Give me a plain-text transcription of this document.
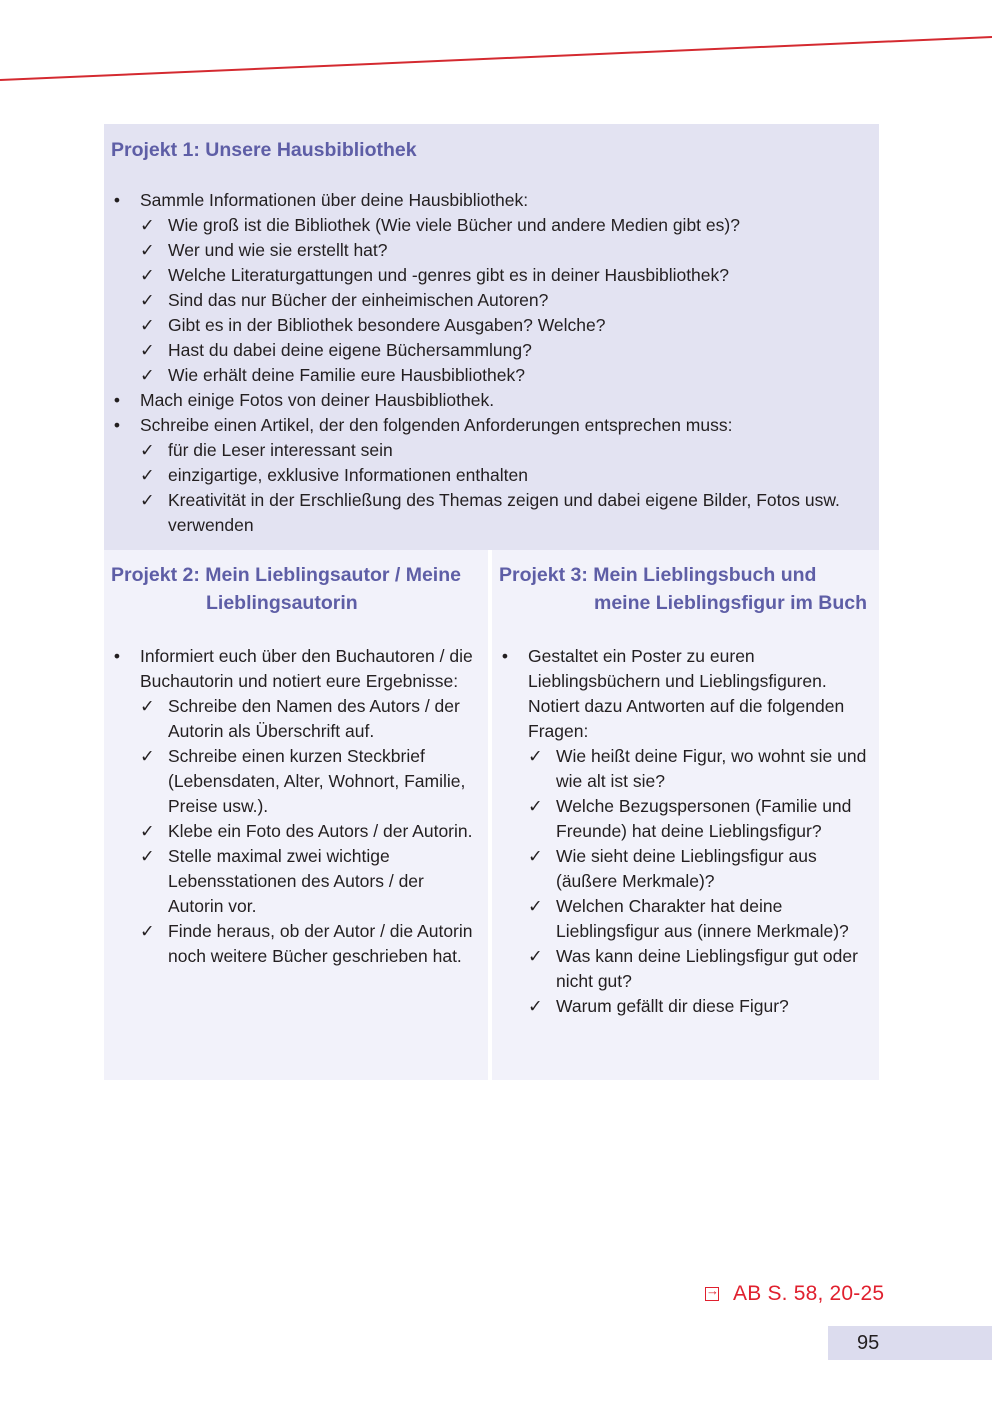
Projekt 1: Unsere Hausbibliothek
• Sammle Informationen über deine Hausbibliothek:
✓ Wie groß ist die Bibliothek (Wie viele Bücher und andere Medien gibt es)?
✓ Wer und wie sie erstellt hat?
✓ Welche Literaturgattungen und -genres gibt es in deiner Hausbibliothek?
✓ Sind das nur Bücher der einheimischen Autoren?
✓ Gibt es in der Bibliothek besondere Ausgaben? Welche?
✓ Hast du dabei deine eigene Büchersammlung?
✓ Wie erhält deine Familie eure Hausbibliothek?
• Mach einige Fotos von deiner Hausbibliothek.
• Schreibe einen Artikel, der den folgenden Anforderungen entsprechen muss:
✓ für die Leser interessant sein
✓ einzigartige, exklusive Informationen enthalten
✓ Kreativität in der Erschließung des Themas zeigen und dabei eigene Bilder, Fotos usw. verwenden
Projekt 2: Mein Lieblingsautor / Meine
Lieblingsautorin
• Informiert euch über den Buchautoren / die Buchautorin und notiert eure Ergebnisse:
✓ Schreibe den Namen des Autors / der Autorin als Überschrift auf.
✓ Schreibe einen kurzen Steckbrief (Lebensdaten, Alter, Wohnort, Familie, Preise usw.).
✓ Klebe ein Foto des Autors / der Autorin.
✓ Stelle maximal zwei wichtige Lebensstationen des Autors / der Autorin vor.
✓ Finde heraus, ob der Autor / die Autorin noch weitere Bücher geschrieben hat.
Projekt 3: Mein Lieblingsbuch und
meine Lieblingsfigur im Buch
• Gestaltet ein Poster zu euren Lieblingsbüchern und Lieblingsfiguren. Notiert dazu Antworten auf die folgenden Fragen:
✓ Wie heißt deine Figur, wo wohnt sie und wie alt ist sie?
✓ Welche Bezugspersonen (Familie und Freunde) hat deine Lieblingsfigur?
✓ Wie sieht deine Lieblingsfigur aus (äußere Merkmale)?
✓ Welchen Charakter hat deine Lieblingsfigur aus (innere Merkmale)?
✓ Was kann deine Lieblingsfigur gut oder nicht gut?
✓ Warum gefällt dir diese Figur?
→
AB S. 58, 20-25
95
